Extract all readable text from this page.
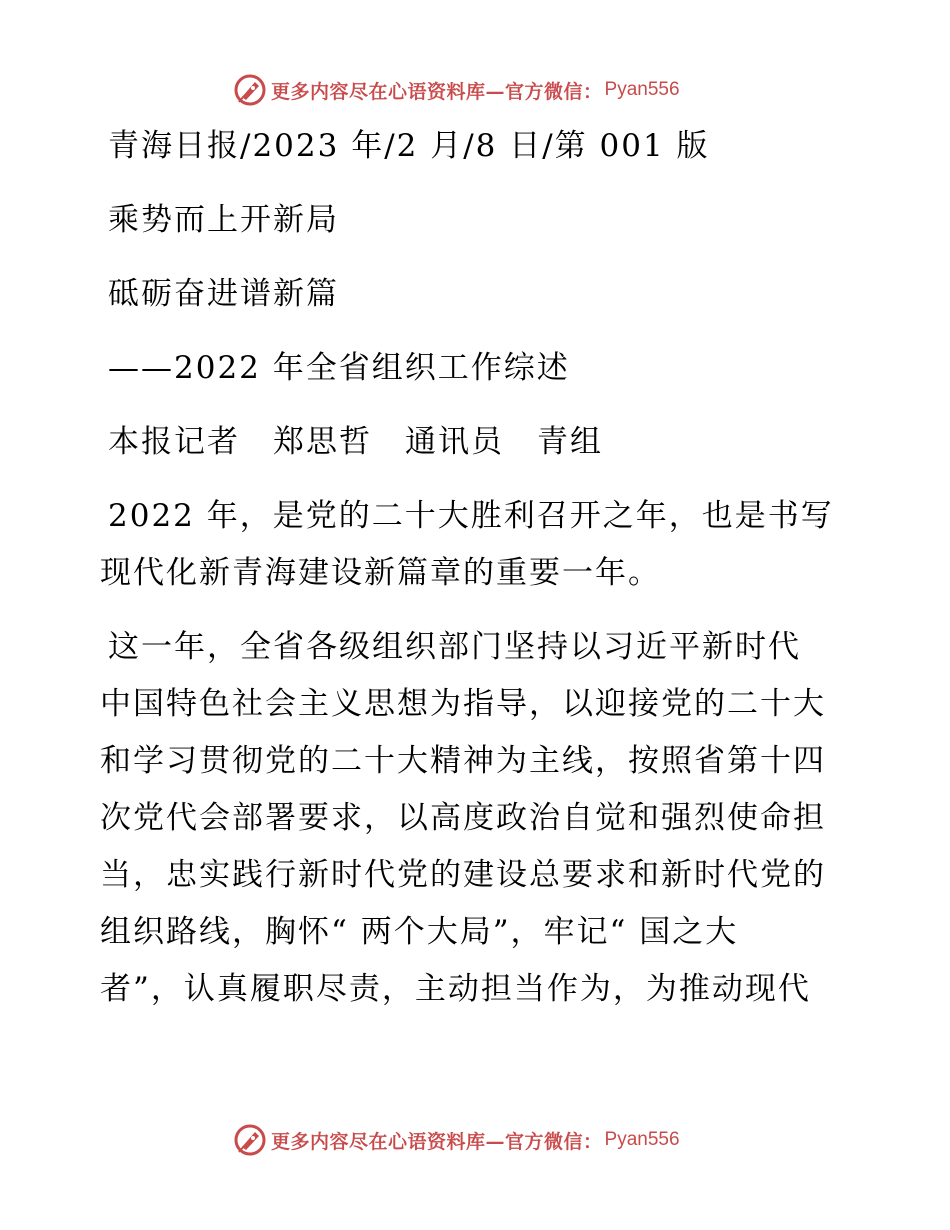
更多内容尽在心语资料库—官方微信： Pyan556

青海日报/2023 年/2 月/8 日/第 001 版

乘势而上开新局

砥砺奋进谱新篇

——2022 年全省组织工作综述

本报记者　郑思哲　通讯员　青组

2022 年，是党的二十大胜利召开之年，也是书写

现代化新青海建设新篇章的重要一年。

这一年，全省各级组织部门坚持以习近平新时代

中国特色社会主义思想为指导，以迎接党的二十大

和学习贯彻党的二十大精神为主线，按照省第十四

次党代会部署要求，以高度政治自觉和强烈使命担

当，忠实践行新时代党的建设总要求和新时代党的

组织路线，胸怀“ 两个大局”，牢记“ 国之大

者”，认真履职尽责，主动担当作为，为推动现代

更多内容尽在心语资料库—官方微信： Pyan556
